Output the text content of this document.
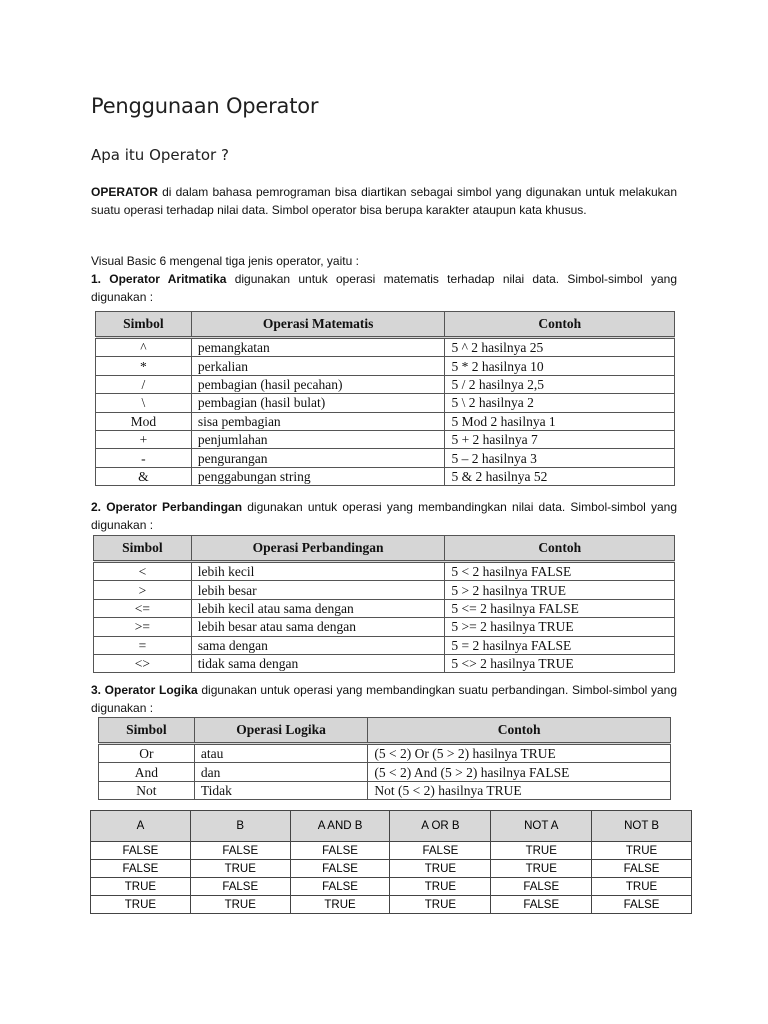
Penggunaan Operator
Apa itu Operator ?

OPERATOR di dalam bahasa pemrograman bisa diartikan sebagai simbol yang digunakan untuk melakukan suatu operasi terhadap nilai data. Simbol operator bisa berupa karakter ataupun kata khusus.

Visual Basic 6 mengenal tiga jenis operator, yaitu :

1. Operator Aritmatika digunakan untuk operasi matematis terhadap nilai data. Simbol-simbol yang digunakan :

Simbol	Operasi Matematis	Contoh
^	pemangkatan	5 ^ 2 hasilnya 25
*	perkalian	5 * 2 hasilnya 10
/	pembagian (hasil pecahan)	5 / 2 hasilnya 2,5
\	pembagian (hasil bulat)	5 \ 2 hasilnya 2
Mod	sisa pembagian	5 Mod 2 hasilnya 1
+	penjumlahan	5 + 2 hasilnya 7
-	pengurangan	5 – 2 hasilnya 3
&	penggabungan string	5 & 2 hasilnya 52

2. Operator Perbandingan digunakan untuk operasi yang membandingkan nilai data. Simbol-simbol yang digunakan :

Simbol	Operasi Perbandingan	Contoh
<	lebih kecil	5 < 2 hasilnya FALSE
>	lebih besar	5 > 2 hasilnya TRUE
<=	lebih kecil atau sama dengan	5 <= 2 hasilnya FALSE
>=	lebih besar atau sama dengan	5 >= 2 hasilnya TRUE
=	sama dengan	5 = 2 hasilnya FALSE
<>	tidak sama dengan	5 <> 2 hasilnya TRUE

3. Operator Logika digunakan untuk operasi yang membandingkan suatu perbandingan. Simbol-simbol yang digunakan :

Simbol	Operasi Logika	Contoh
Or	atau	(5 < 2) Or (5 > 2) hasilnya TRUE
And	dan	(5 < 2) And (5 > 2) hasilnya FALSE
Not	Tidak	Not (5 < 2) hasilnya TRUE
A	B	A AND B	A OR B	NOT A	NOT B
FALSE	FALSE	FALSE	FALSE	TRUE	TRUE
FALSE	TRUE	FALSE	TRUE	TRUE	FALSE
TRUE	FALSE	FALSE	TRUE	FALSE	TRUE
TRUE	TRUE	TRUE	TRUE	FALSE	FALSE
